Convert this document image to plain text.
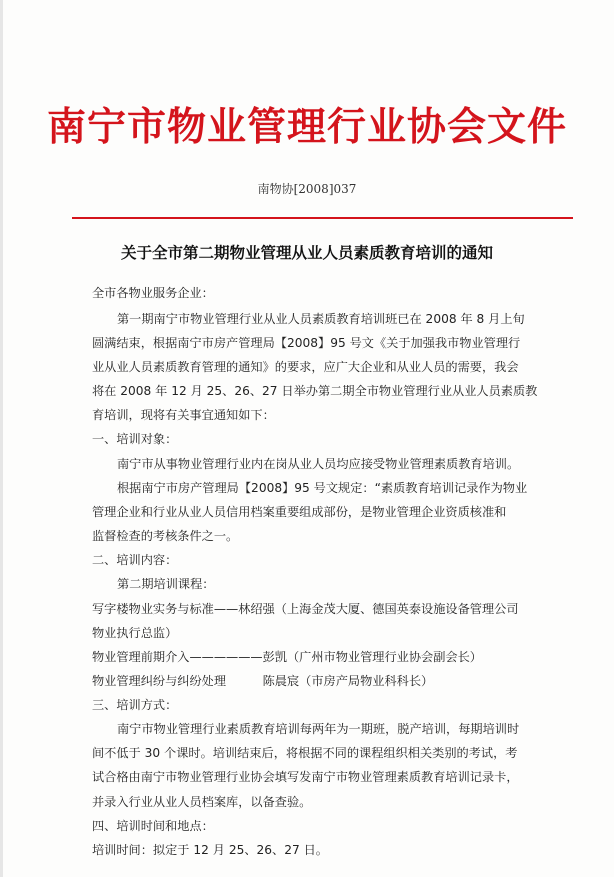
南宁市物业管理行业协会文件
南物协[2008]037
关于全市第二期物业管理从业人员素质教育培训的通知
全市各物业服务企业：
第一期南宁市物业管理行业从业人员素质教育培训班已在 2008 年 8 月上旬
圆满结束，根据南宁市房产管理局【2008】95 号文《关于加强我市物业管理行
业从业人员素质教育管理的通知》的要求，应广大企业和从业人员的需要，我会
将在 2008 年 12 月 25、26、27 日举办第二期全市物业管理行业从业人员素质教
育培训，现将有关事宜通知如下：
一、培训对象：
南宁市从事物业管理行业内在岗从业人员均应接受物业管理素质教育培训。
根据南宁市房产管理局【2008】95 号文规定：“素质教育培训记录作为物业
管理企业和行业从业人员信用档案重要组成部份，是物业管理企业资质核准和
监督检查的考核条件之一。
二、培训内容：
第二期培训课程：
写字楼物业实务与标准——林绍强（上海金茂大厦、德国英泰设施设备管理公司
物业执行总监）
物业管理前期介入——————彭凯（广州市物业管理行业协会副会长）
物业管理纠纷与纠纷处理　　　陈晨宸（市房产局物业科科长）
三、培训方式：
南宁市物业管理行业素质教育培训每两年为一期班，脱产培训，每期培训时
间不低于 30 个课时。培训结束后，将根据不同的课程组织相关类别的考试，考
试合格由南宁市物业管理行业协会填写发南宁市物业管理素质教育培训记录卡，
并录入行业从业人员档案库，以备查验。
四、培训时间和地点：
培训时间：拟定于 12 月 25、26、27 日。
